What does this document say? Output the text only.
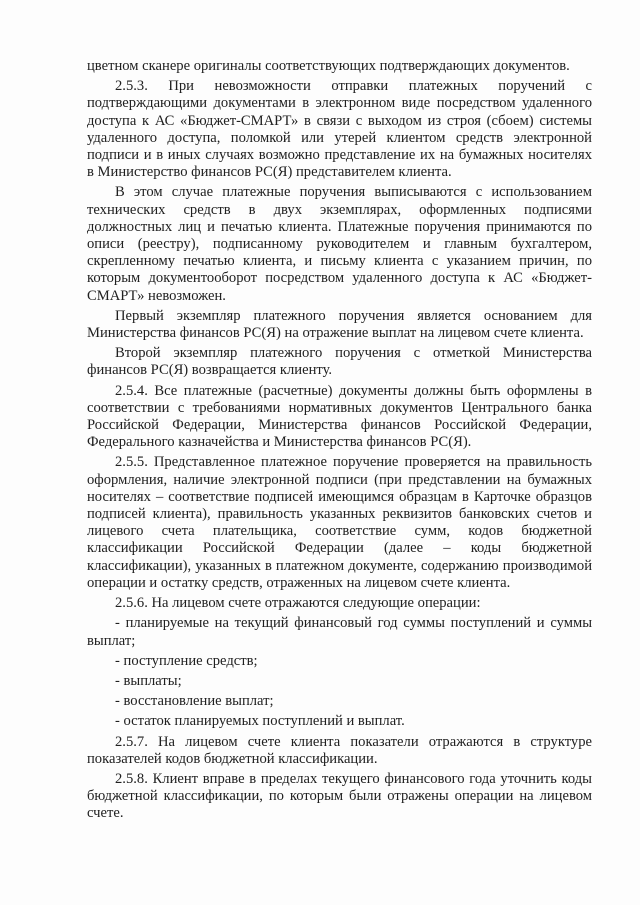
цветном сканере оригиналы соответствующих подтверждающих документов.

2.5.3. При невозможности отправки платежных поручений с подтверждающими документами в электронном виде посредством удаленного доступа к АС «Бюджет-СМАРТ» в связи с выходом из строя (сбоем) системы удаленного доступа, поломкой или утерей клиентом средств электронной подписи и в иных случаях возможно представление их на бумажных носителях в Министерство финансов РС(Я) представителем клиента.

В этом случае платежные поручения выписываются с использованием технических средств в двух экземплярах, оформленных подписями должностных лиц и печатью клиента. Платежные поручения принимаются по описи (реестру), подписанному руководителем и главным бухгалтером, скрепленному печатью клиента, и письму клиента с указанием причин, по которым документооборот посредством удаленного доступа к АС «Бюджет-СМАРТ» невозможен.

Первый экземпляр платежного поручения является основанием для Министерства финансов РС(Я) на отражение выплат на лицевом счете клиента.

Второй экземпляр платежного поручения с отметкой Министерства финансов РС(Я) возвращается клиенту.

2.5.4. Все платежные (расчетные) документы должны быть оформлены в соответствии с требованиями нормативных документов Центрального банка Российской Федерации, Министерства финансов Российской Федерации, Федерального казначейства и Министерства финансов РС(Я).

2.5.5. Представленное платежное поручение проверяется на правильность оформления, наличие электронной подписи (при представлении на бумажных носителях – соответствие подписей имеющимся образцам в Карточке образцов подписей клиента), правильность указанных реквизитов банковских счетов и лицевого счета плательщика, соответствие сумм, кодов бюджетной классификации Российской Федерации (далее – коды бюджетной классификации), указанных в платежном документе, содержанию производимой операции и остатку средств, отраженных на лицевом счете клиента.

2.5.6. На лицевом счете отражаются следующие операции:

- планируемые на текущий финансовый год суммы поступлений и суммы выплат;

- поступление средств;

- выплаты;

- восстановление выплат;

- остаток планируемых поступлений и выплат.

2.5.7. На лицевом счете клиента показатели отражаются в структуре показателей кодов бюджетной классификации.

2.5.8. Клиент вправе в пределах текущего финансового года уточнить коды бюджетной классификации, по которым были отражены операции на лицевом счете.
